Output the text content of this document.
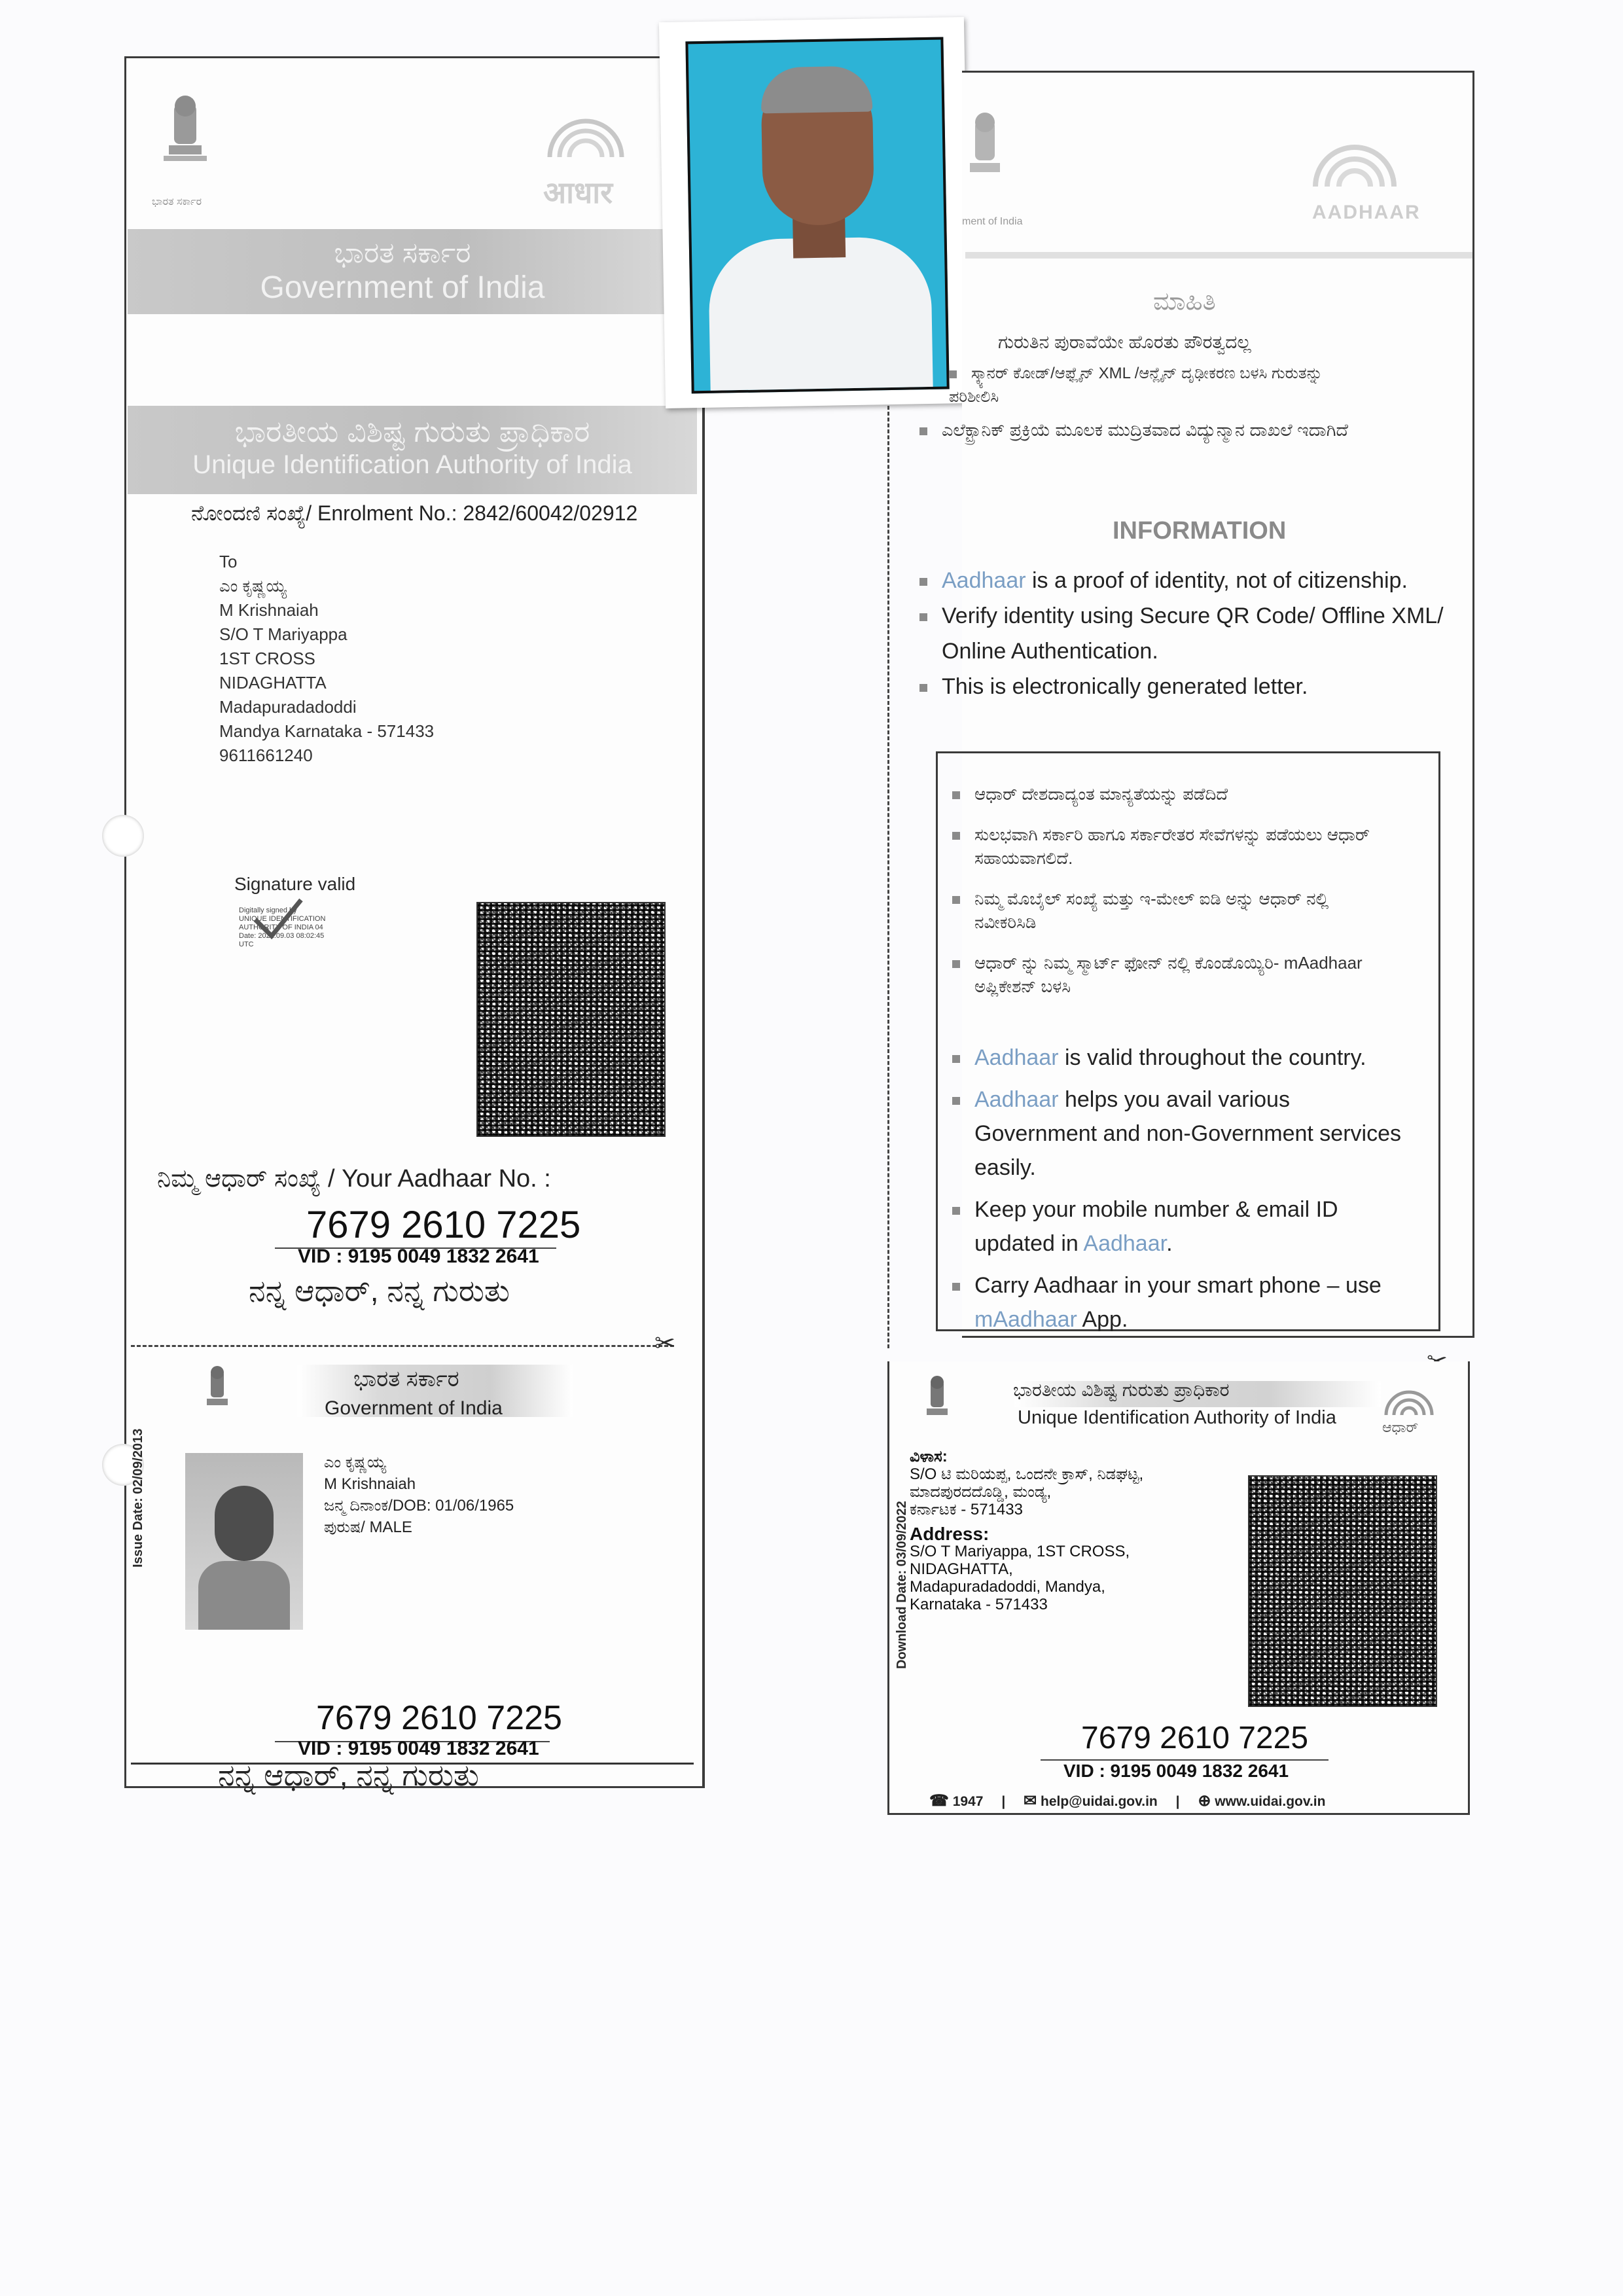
ಭಾರತ ಸರ್ಕಾರ	आधार
ಭಾರತ ಸರ್ಕಾರ
Government of India
ಭಾರತೀಯ ವಿಶಿಷ್ಟ ಗುರುತು ಪ್ರಾಧಿಕಾರ
Unique Identification Authority of India
ನೋಂದಣಿ ಸಂಖ್ಯೆ/ Enrolment No.: 2842/60042/02912
To
ಎಂ ಕೃಷ್ಣಯ್ಯ
M Krishnaiah
S/O T Mariyappa
1ST CROSS
NIDAGHATTA
Madapuradadoddi
Mandya Karnataka - 571433
9611661240
Signature valid
Digitally signed by
UNIQUE IDENTIFICATION
AUTHORITY OF INDIA 04
Date: 2022.09.03 08:02:45
UTC
ನಿಮ್ಮ ಆಧಾರ್ ಸಂಖ್ಯೆ / Your Aadhaar No. :
7679 2610 7225
VID : 9195 0049 1832 2641
ನನ್ನ ಆಧಾರ್, ನನ್ನ ಗುರುತು
✂
ಭಾರತ ಸರ್ಕಾರ
Government of India
Issue Date: 02/09/2013	ಎಂ ಕೃಷ್ಣಯ್ಯ
M Krishnaiah
ಜನ್ಮ ದಿನಾಂಕ/DOB: 01/06/1965
ಪುರುಷ/ MALE
7679 2610 7225
VID : 9195 0049 1832 2641
ನನ್ನ ಆಧಾರ್, ನನ್ನ ಗುರುತು
ment of India	AADHAAR
ಮಾಹಿತಿ
ಗುರುತಿನ ಪುರಾವೆಯೇ ಹೊರತು ಪೌರತ್ವದಲ್ಲ
ಸ್ಕ್ಯಾನರ್ ಕೋಡ್/ಆಫ್ಲೈನ್ XML /ಆನ್ಲೈನ್ ದೃಢೀಕರಣ ಬಳಸಿ ಗುರುತನ್ನು ಪರಿಶೀಲಿಸಿ
ಎಲೆಕ್ಟ್ರಾನಿಕ್ ಪ್ರಕ್ರಿಯೆ ಮೂಲಕ ಮುದ್ರಿತವಾದ ವಿದ್ಯುನ್ಮಾನ ದಾಖಲೆ ಇದಾಗಿದೆ
INFORMATION
Aadhaar is a proof of identity, not of citizenship.
Verify identity using Secure QR Code/ Offline XML/ Online Authentication.
This is electronically generated letter.
ಆಧಾರ್ ದೇಶದಾದ್ಯಂತ ಮಾನ್ಯತೆಯನ್ನು ಪಡೆದಿದೆ
ಸುಲಭವಾಗಿ ಸರ್ಕಾರಿ ಹಾಗೂ ಸರ್ಕಾರೇತರ ಸೇವೆಗಳನ್ನು ಪಡೆಯಲು ಆಧಾರ್ ಸಹಾಯವಾಗಲಿದೆ.
ನಿಮ್ಮ ಮೊಬೈಲ್ ಸಂಖ್ಯೆ ಮತ್ತು ಇ-ಮೇಲ್ ಐಡಿ ಅನ್ನು ಆಧಾರ್ ನಲ್ಲಿ ನವೀಕರಿಸಿಡಿ
ಆಧಾರ್ ನ್ನು ನಿಮ್ಮ ಸ್ಮಾರ್ಟ್ ಫೋನ್ ನಲ್ಲಿ ಕೊಂಡೊಯ್ಯಿರಿ- mAadhaar ಅಪ್ಲಿಕೇಶನ್ ಬಳಸಿ
Aadhaar is valid throughout the country.
Aadhaar helps you avail various Government and non-Government services easily.
Keep your mobile number & email ID updated in Aadhaar.
Carry Aadhaar in your smart phone – use mAadhaar App.
ಭಾರತೀಯ ವಿಶಿಷ್ಟ ಗುರುತು ಪ್ರಾಧಿಕಾರ
Unique Identification Authority of India	ಆಧಾರ್
Download Date: 03/09/2022
ವಿಳಾಸ:
S/O ಟಿ ಮರಿಯಪ್ಪ, ಒಂದನೇ ಕ್ರಾಸ್, ನಿಡಘಟ್ಟ,
ಮಾದಪುರದದೊಡ್ಡಿ, ಮಂಡ್ಯ,
ಕರ್ನಾಟಕ - 571433
Address:
S/O T Mariyappa, 1ST CROSS, NIDAGHATTA,
Madapuradadoddi, Mandya,
Karnataka - 571433
7679 2610 7225
VID : 9195 0049 1832 2641
☎ 1947 | ✉ help@uidai.gov.in | ⊕ www.uidai.gov.in
